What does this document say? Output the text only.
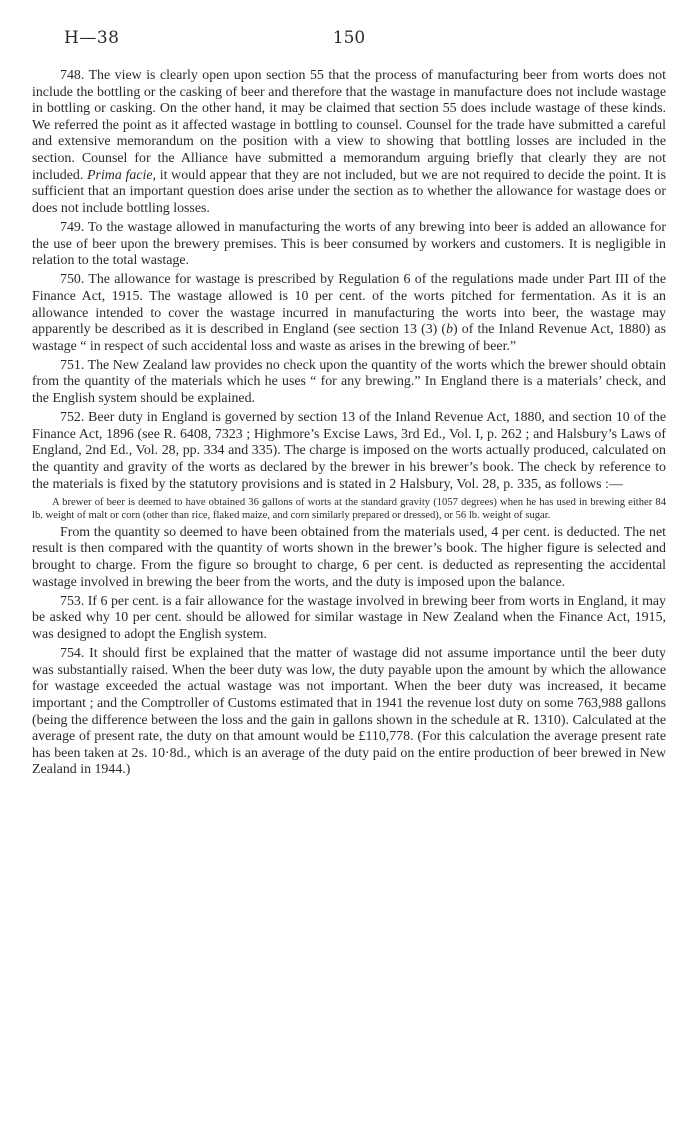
H—38	150

748. The view is clearly open upon section 55 that the process of manufacturing beer from worts does not include the bottling or the casking of beer and therefore that the wastage in manufacture does not include wastage in bottling or casking. On the other hand, it may be claimed that section 55 does include wastage of these kinds. We referred the point as it affected wastage in bottling to counsel. Counsel for the trade have submitted a careful and extensive memorandum on the position with a view to showing that bottling losses are included in the section. Counsel for the Alliance have submitted a memorandum arguing briefly that clearly they are not included. Prima facie, it would appear that they are not included, but we are not required to decide the point. It is sufficient that an important question does arise under the section as to whether the allowance for wastage does or does not include bottling losses.

749. To the wastage allowed in manufacturing the worts of any brewing into beer is added an allowance for the use of beer upon the brewery premises. This is beer consumed by workers and customers. It is negligible in relation to the total wastage.

750. The allowance for wastage is prescribed by Regulation 6 of the regulations made under Part III of the Finance Act, 1915. The wastage allowed is 10 per cent. of the worts pitched for fermentation. As it is an allowance intended to cover the wastage incurred in manufacturing the worts into beer, the wastage may apparently be described as it is described in England (see section 13 (3) (b) of the Inland Revenue Act, 1880) as wastage “ in respect of such accidental loss and waste as arises in the brewing of beer.”

751. The New Zealand law provides no check upon the quantity of the worts which the brewer should obtain from the quantity of the materials which he uses “ for any brewing.” In England there is a materials’ check, and the English system should be explained.

752. Beer duty in England is governed by section 13 of the Inland Revenue Act, 1880, and section 10 of the Finance Act, 1896 (see R. 6408, 7323 ; Highmore’s Excise Laws, 3rd Ed., Vol. I, p. 262 ; and Halsbury’s Laws of England, 2nd Ed., Vol. 28, pp. 334 and 335). The charge is imposed on the worts actually produced, calculated on the quantity and gravity of the worts as declared by the brewer in his brewer’s book. The check by reference to the materials is fixed by the statutory provisions and is stated in 2 Halsbury, Vol. 28, p. 335, as follows :—

A brewer of beer is deemed to have obtained 36 gallons of worts at the standard gravity (1057 degrees) when he has used in brewing either 84 lb. weight of malt or corn (other than rice, flaked maize, and corn similarly prepared or dressed), or 56 lb. weight of sugar.

From the quantity so deemed to have been obtained from the materials used, 4 per cent. is deducted. The net result is then compared with the quantity of worts shown in the brewer’s book. The higher figure is selected and brought to charge. From the figure so brought to charge, 6 per cent. is deducted as representing the accidental wastage involved in brewing the beer from the worts, and the duty is imposed upon the balance.

753. If 6 per cent. is a fair allowance for the wastage involved in brewing beer from worts in England, it may be asked why 10 per cent. should be allowed for similar wastage in New Zealand when the Finance Act, 1915, was designed to adopt the English system.

754. It should first be explained that the matter of wastage did not assume importance until the beer duty was substantially raised. When the beer duty was low, the duty payable upon the amount by which the allowance for wastage exceeded the actual wastage was not important. When the beer duty was increased, it became important ; and the Comptroller of Customs estimated that in 1941 the revenue lost duty on some 763,988 gallons (being the difference between the loss and the gain in gallons shown in the schedule at R. 1310). Calculated at the average of present rate, the duty on that amount would be £110,778. (For this calculation the average present rate has been taken at 2s. 10·8d., which is an average of the duty paid on the entire production of beer brewed in New Zealand in 1944.)
